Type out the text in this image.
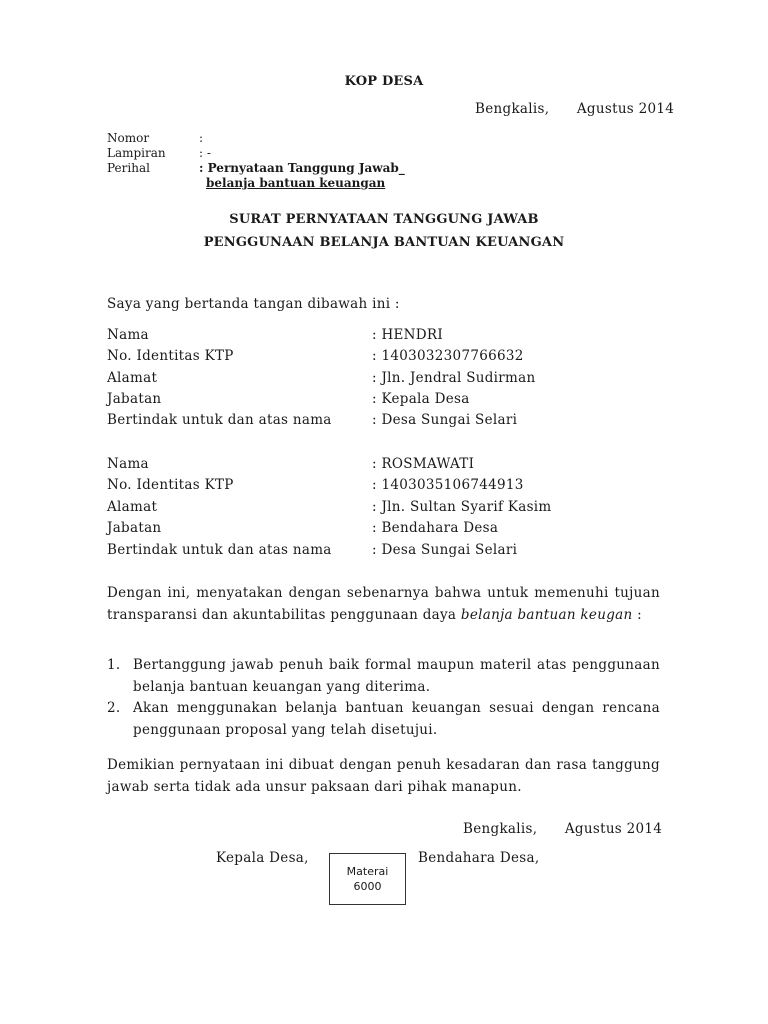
KOP DESA
Bengkalis,      Agustus 2014
Nomor	:
Lampiran	: -
Perihal	: Pernyataan Tanggung Jawab_
belanja bantuan keuangan
SURAT PERNYATAAN TANGGUNG JAWAB
PENGGUNAAN BELANJA BANTUAN KEUANGAN
Saya yang bertanda tangan dibawah ini :
Nama	: HENDRI
No. Identitas KTP	: 1403032307766632
Alamat	: Jln. Jendral Sudirman
Jabatan	: Kepala Desa
Bertindak untuk dan atas nama	: Desa Sungai Selari
Nama	: ROSMAWATI
No. Identitas KTP	: 1403035106744913
Alamat	: Jln. Sultan Syarif Kasim
Jabatan	: Bendahara Desa
Bertindak untuk dan atas nama	: Desa Sungai Selari
Dengan ini, menyatakan dengan sebenarnya bahwa untuk memenuhi tujuan transparansi dan akuntabilitas penggunaan daya belanja bantuan keugan :
1. Bertanggung jawab penuh baik formal maupun materil atas penggunaan belanja bantuan keuangan yang diterima.
2. Akan menggunakan belanja bantuan keuangan sesuai dengan rencana penggunaan proposal yang telah disetujui.
Demikian pernyataan ini dibuat dengan penuh kesadaran dan rasa tanggung jawab serta tidak ada unsur paksaan dari pihak manapun.
Bengkalis,      Agustus 2014
Kepala Desa,	Bendahara Desa,
Materai
6000
